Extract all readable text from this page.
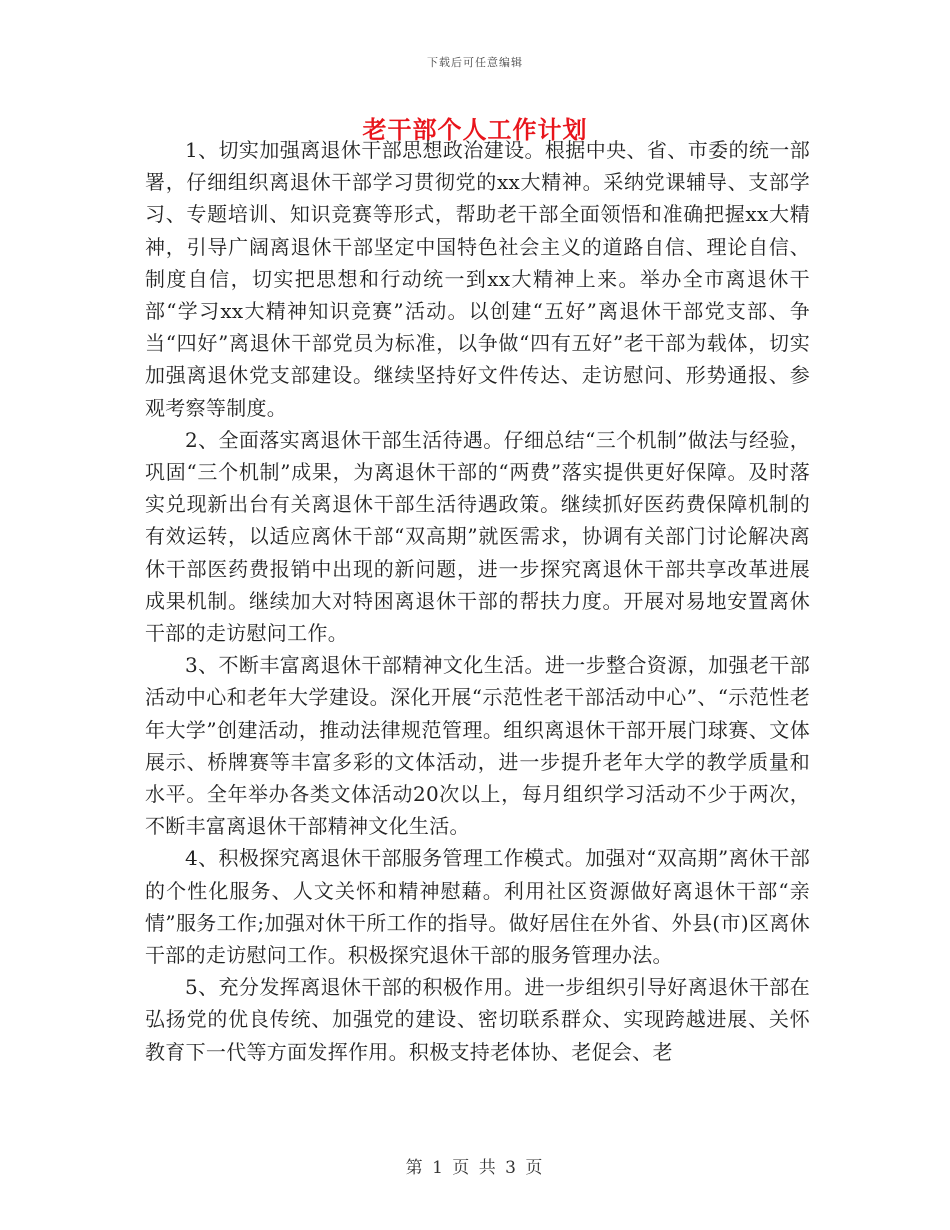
下载后可任意编辑
老干部个人工作计划

1、切实加强离退休干部思想政治建设。根据中央、省、市委的统一部署，仔细组织离退休干部学习贯彻党的xx大精神。采纳党课辅导、支部学习、专题培训、知识竞赛等形式，帮助老干部全面领悟和准确把握xx大精神，引导广阔离退休干部坚定中国特色社会主义的道路自信、理论自信、制度自信，切实把思想和行动统一到xx大精神上来。举办全市离退休干部“学习xx大精神知识竞赛”活动。以创建“五好”离退休干部党支部、争当“四好”离退休干部党员为标准，以争做“四有五好”老干部为载体，切实加强离退休党支部建设。继续坚持好文件传达、走访慰问、形势通报、参观考察等制度。

2、全面落实离退休干部生活待遇。仔细总结“三个机制”做法与经验，巩固“三个机制”成果，为离退休干部的“两费”落实提供更好保障。及时落实兑现新出台有关离退休干部生活待遇政策。继续抓好医药费保障机制的有效运转，以适应离休干部“双高期”就医需求，协调有关部门讨论解决离休干部医药费报销中出现的新问题，进一步探究离退休干部共享改革进展成果机制。继续加大对特困离退休干部的帮扶力度。开展对易地安置离休干部的走访慰问工作。

3、不断丰富离退休干部精神文化生活。进一步整合资源，加强老干部活动中心和老年大学建设。深化开展“示范性老干部活动中心”、“示范性老年大学”创建活动，推动法律规范管理。组织离退休干部开展门球赛、文体展示、桥牌赛等丰富多彩的文体活动，进一步提升老年大学的教学质量和水平。全年举办各类文体活动20次以上，每月组织学习活动不少于两次，不断丰富离退休干部精神文化生活。

4、积极探究离退休干部服务管理工作模式。加强对“双高期”离休干部的个性化服务、人文关怀和精神慰藉。利用社区资源做好离退休干部“亲情”服务工作;加强对休干所工作的指导。做好居住在外省、外县(市)区离休干部的走访慰问工作。积极探究退休干部的服务管理办法。

5、充分发挥离退休干部的积极作用。进一步组织引导好离退休干部在弘扬党的优良传统、加强党的建设、密切联系群众、实现跨越进展、关怀教育下一代等方面发挥作用。积极支持老体协、老促会、老

第 1 页 共 3 页
